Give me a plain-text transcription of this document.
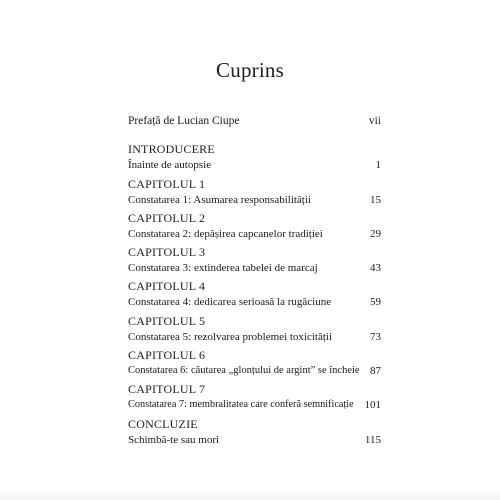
Cuprins
Prefață de Lucian Ciupe	vii
INTRODUCERE
Înainte de autopsie	1
CAPITOLUL 1
Constatarea 1: Asumarea responsabilității	15
CAPITOLUL 2
Constatarea 2: depășirea capcanelor tradiției	29
CAPITOLUL 3
Constatarea 3: extinderea tabelei de marcaj	43
CAPITOLUL 4
Constatarea 4: dedicarea serioasă la rugăciune	59
CAPITOLUL 5
Constatarea 5: rezolvarea problemei toxicității	73
CAPITOLUL 6
Constatarea 6: căutarea „glonțului de argint” se încheie 87
CAPITOLUL 7
Constatarea 7: membralitatea care conferă semnificație 101
CONCLUZIE
Schimbă-te sau mori	115
